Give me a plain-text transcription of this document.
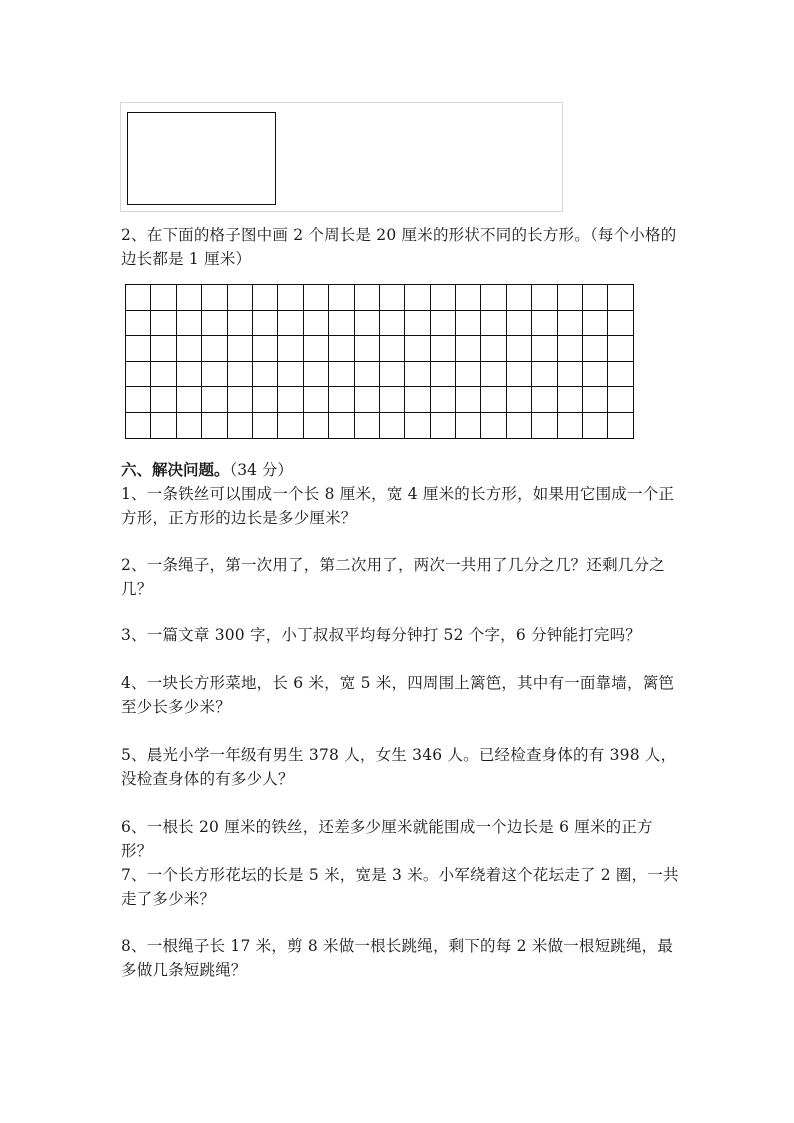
2、在下面的格子图中画 2 个周长是 20 厘米的形状不同的长方形。（每个小格的边长都是 1 厘米）

六、解决问题。（34 分）
1、一条铁丝可以围成一个长 8 厘米，宽 4 厘米的长方形，如果用它围成一个正方形，正方形的边长是多少厘米？
2、一条绳子，第一次用了，第二次用了，两次一共用了几分之几？还剩几分之几？
3、一篇文章 300 字，小丁叔叔平均每分钟打 52 个字，6 分钟能打完吗？
4、一块长方形菜地，长 6 米，宽 5 米，四周围上篱笆，其中有一面靠墙，篱笆至少长多少米？
5、晨光小学一年级有男生 378 人，女生 346 人。已经检查身体的有 398 人，没检查身体的有多少人？
6、一根长 20 厘米的铁丝，还差多少厘米就能围成一个边长是 6 厘米的正方形？
7、一个长方形花坛的长是 5 米，宽是 3 米。小军绕着这个花坛走了 2 圈，一共走了多少米？
8、一根绳子长 17 米，剪 8 米做一根长跳绳，剩下的每 2 米做一根短跳绳，最多做几条短跳绳？
